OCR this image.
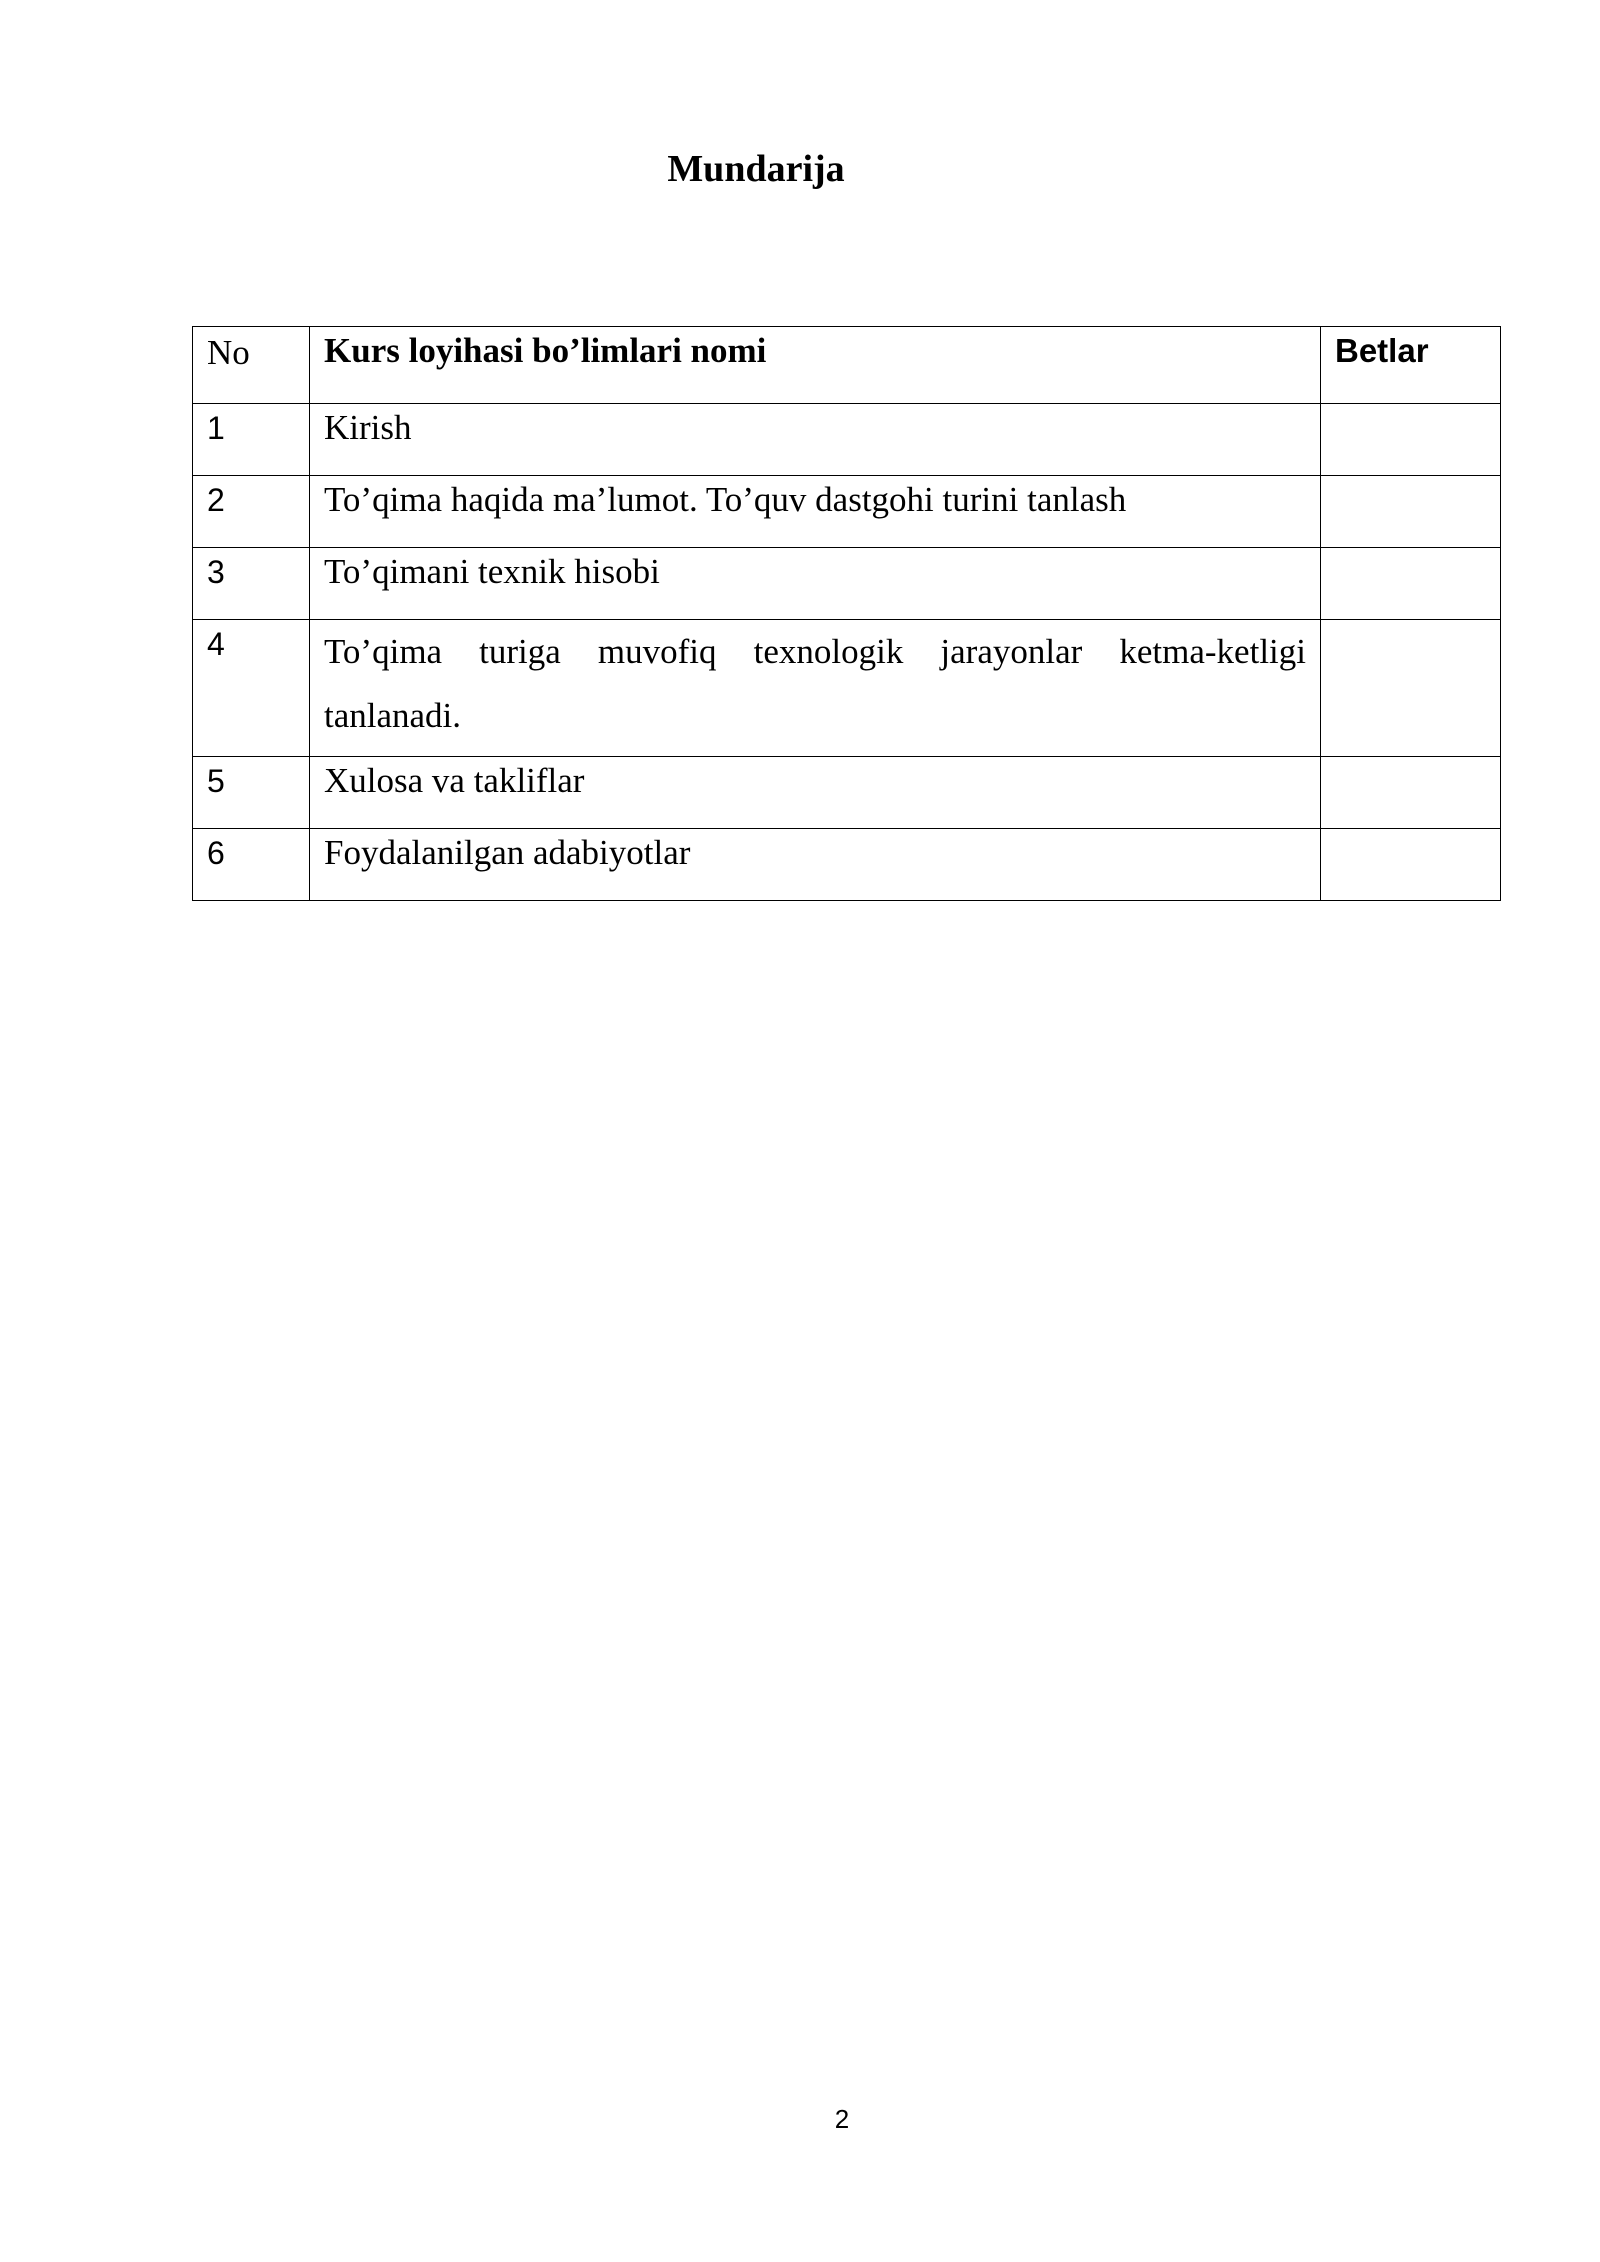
Mundarija
No	Kurs loyihasi bo’limlari nomi	Betlar
1	Kirish	
2	To’qima haqida ma’lumot. To’quv dastgohi turini tanlash	
3	To’qimani texnik hisobi	
4	To’qima turiga muvofiq texnologik jarayonlar ketma-ketligi tanlanadi.	
5	Xulosa va takliflar	
6	Foydalanilgan adabiyotlar	
2
